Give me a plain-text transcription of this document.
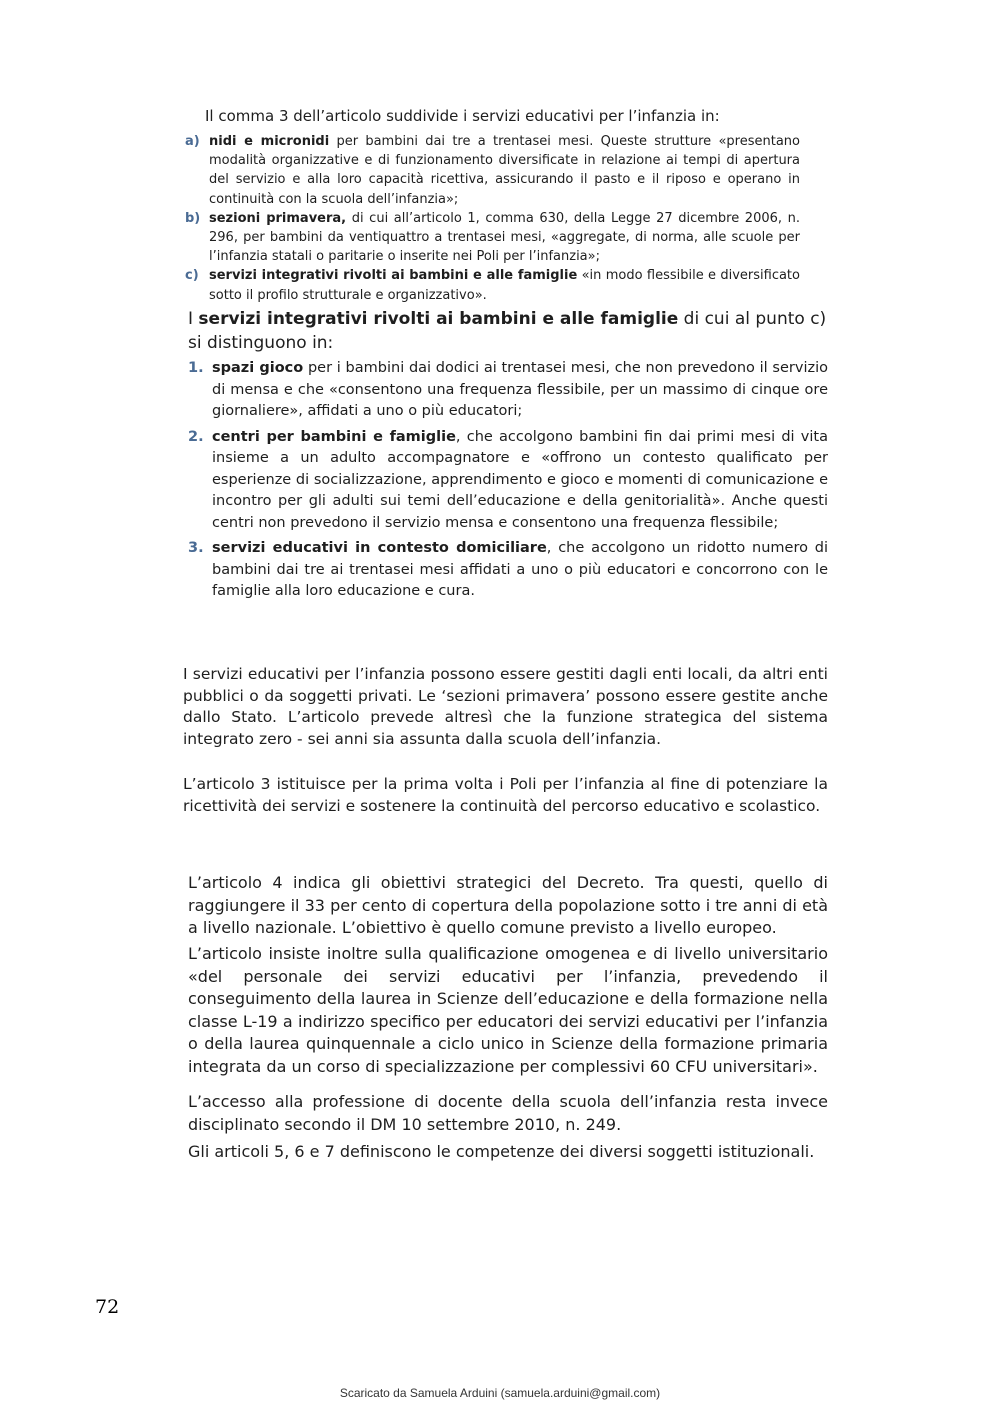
Il comma 3 dell’articolo suddivide i servizi educativi per l’infanzia in:

a) nidi e micronidi per bambini dai tre a trentasei mesi. Queste strutture «presentano modalità organizzative e di funzionamento diversificate in relazione ai tempi di apertura del servizio e alla loro capacità ricettiva, assicurando il pasto e il riposo e operano in continuità con la scuola dell’infanzia»;
b) sezioni primavera, di cui all’articolo 1, comma 630, della Legge 27 dicembre 2006, n. 296, per bambini da ventiquattro a trentasei mesi, «aggregate, di norma, alle scuole per l’infanzia statali o paritarie o inserite nei Poli per l’infanzia»;
c) servizi integrativi rivolti ai bambini e alle famiglie «in modo flessibile e diversificato sotto il profilo strutturale e organizzativo».

I servizi integrativi rivolti ai bambini e alle famiglie di cui al punto c) si distinguono in:

1. spazi gioco per i bambini dai dodici ai trentasei mesi, che non prevedono il servizio di mensa e che «consentono una frequenza flessibile, per un massimo di cinque ore giornaliere», affidati a uno o più educatori;
2. centri per bambini e famiglie, che accolgono bambini fin dai primi mesi di vita insieme a un adulto accompagnatore e «offrono un contesto qualificato per esperienze di socializzazione, apprendimento e gioco e momenti di comunicazione e incontro per gli adulti sui temi dell’educazione e della genitorialità». Anche questi centri non prevedono il servizio mensa e consentono una frequenza flessibile;
3. servizi educativi in contesto domiciliare, che accolgono un ridotto numero di bambini dai tre ai trentasei mesi affidati a uno o più educatori e concorrono con le famiglie alla loro educazione e cura.

I servizi educativi per l’infanzia possono essere gestiti dagli enti locali, da altri enti pubblici o da soggetti privati. Le ‘sezioni primavera’ possono essere gestite anche dallo Stato. L’articolo prevede altresì che la funzione strategica del sistema integrato zero - sei anni sia assunta dalla scuola dell’infanzia.

L’articolo 3 istituisce per la prima volta i Poli per l’infanzia al fine di potenziare la ricettività dei servizi e sostenere la continuità del percorso educativo e scolastico.

L’articolo 4 indica gli obiettivi strategici del Decreto. Tra questi, quello di raggiungere il 33 per cento di copertura della popolazione sotto i tre anni di età a livello nazionale. L’obiettivo è quello comune previsto a livello europeo.

L’articolo insiste inoltre sulla qualificazione omogenea e di livello universitario «del personale dei servizi educativi per l’infanzia, prevedendo il conseguimento della laurea in Scienze dell’educazione e della formazione nella classe L-19 a indirizzo specifico per educatori dei servizi educativi per l’infanzia o della laurea quinquennale a ciclo unico in Scienze della formazione primaria integrata da un corso di specializzazione per complessivi 60 CFU universitari».

L’accesso alla professione di docente della scuola dell’infanzia resta invece disciplinato secondo il DM 10 settembre 2010, n. 249.

Gli articoli 5, 6 e 7 definiscono le competenze dei diversi soggetti istituzionali.

72
Scaricato da Samuela Arduini (samuela.arduini@gmail.com)
